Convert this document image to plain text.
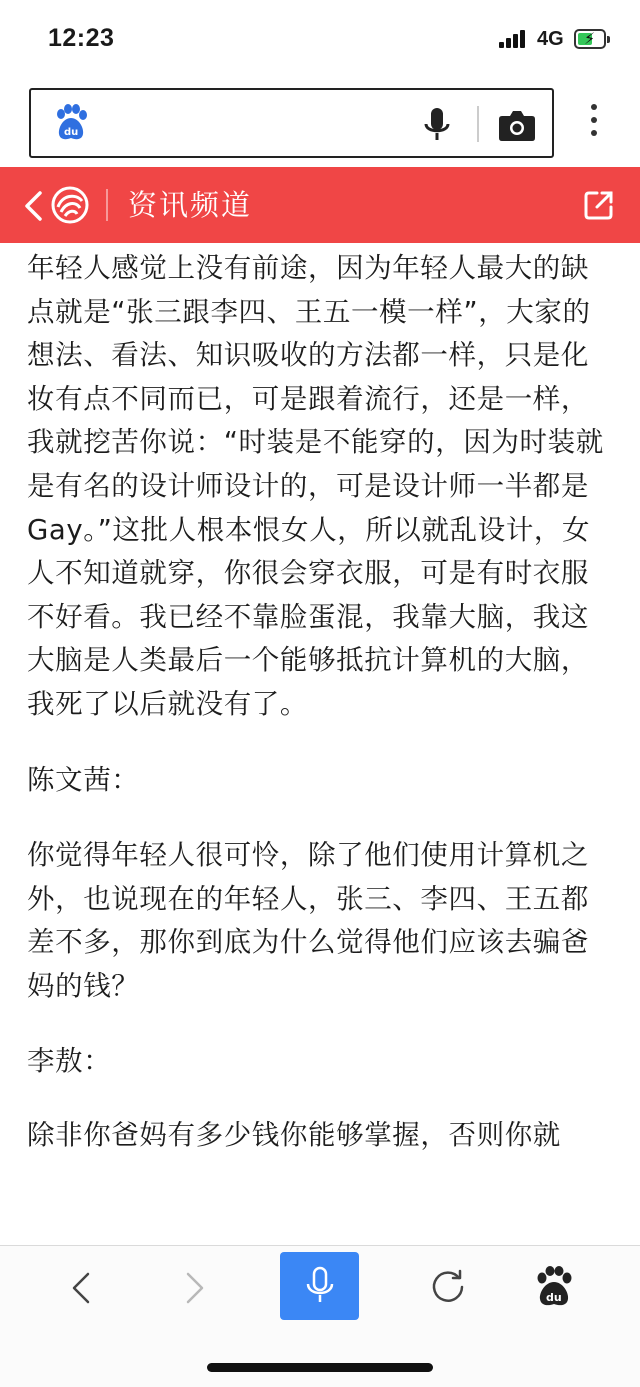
12:23	4G ⚡
du
资讯频道

年轻人感觉上没有前途，因为年轻人最大的缺点就是“张三跟李四、王五一模一样”，大家的想法、看法、知识吸收的方法都一样，只是化妆有点不同而已，可是跟着流行，还是一样，我就挖苦你说：“时装是不能穿的，因为时装就是有名的设计师设计的，可是设计师一半都是Gay。”这批人根本恨女人，所以就乱设计，女人不知道就穿，你很会穿衣服，可是有时衣服不好看。我已经不靠脸蛋混，我靠大脑，我这大脑是人类最后一个能够抵抗计算机的大脑，我死了以后就没有了。

陈文茜：

你觉得年轻人很可怜，除了他们使用计算机之外，也说现在的年轻人，张三、李四、王五都差不多，那你到底为什么觉得他们应该去骗爸妈的钱？

李敖：

除非你爸妈有多少钱你能够掌握，否则你就

du
